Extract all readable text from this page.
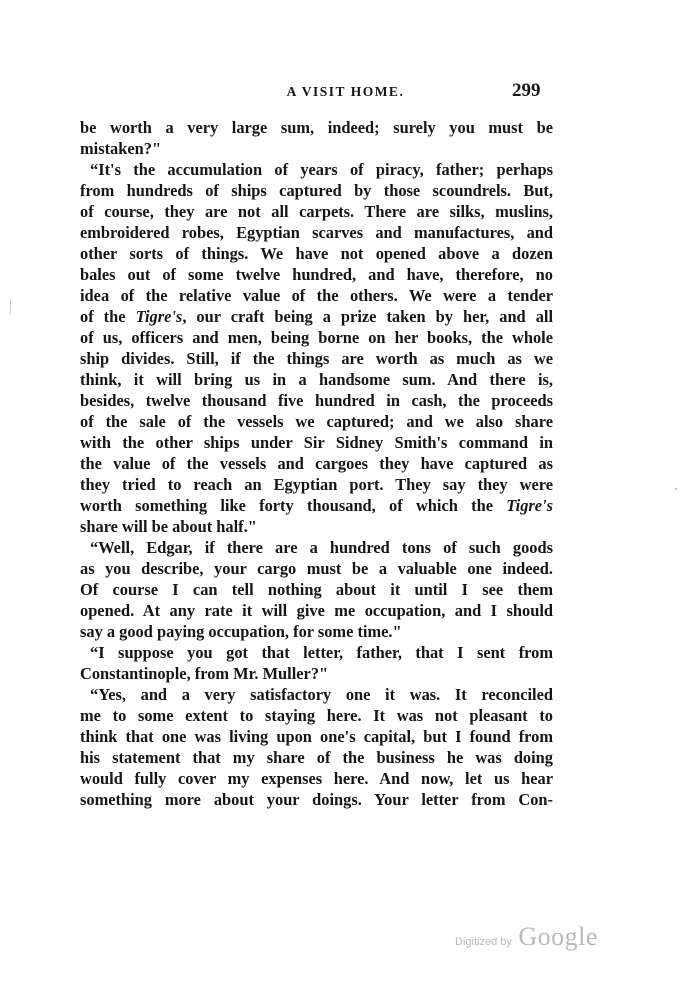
A VISIT HOME.	299
be worth a very large sum, indeed; surely you must be
mistaken?"
“It's the accumulation of years of piracy, father; perhaps
from hundreds of ships captured by those scoundrels. But,
of course, they are not all carpets. There are silks, muslins,
embroidered robes, Egyptian scarves and manufactures, and
other sorts of things. We have not opened above a dozen
bales out of some twelve hundred, and have, therefore, no
idea of the relative value of the others. We were a tender
of the Tigre's, our craft being a prize taken by her, and all
of us, officers and men, being borne on her books, the whole
ship divides. Still, if the things are worth as much as we
think, it will bring us in a handsome sum. And there is,
besides, twelve thousand five hundred in cash, the proceeds
of the sale of the vessels we captured; and we also share
with the other ships under Sir Sidney Smith's command in
the value of the vessels and cargoes they have captured as
they tried to reach an Egyptian port. They say they were
worth something like forty thousand, of which the Tigre's
share will be about half."
“Well, Edgar, if there are a hundred tons of such goods
as you describe, your cargo must be a valuable one indeed.
Of course I can tell nothing about it until I see them
opened. At any rate it will give me occupation, and I should
say a good paying occupation, for some time."
“I suppose you got that letter, father, that I sent from
Constantinople, from Mr. Muller?"
“Yes, and a very satisfactory one it was. It reconciled
me to some extent to staying here. It was not pleasant to
think that one was living upon one's capital, but I found from
his statement that my share of the business he was doing
would fully cover my expenses here. And now, let us hear
something more about your doings. Your letter from Con-
Digitized by Google
